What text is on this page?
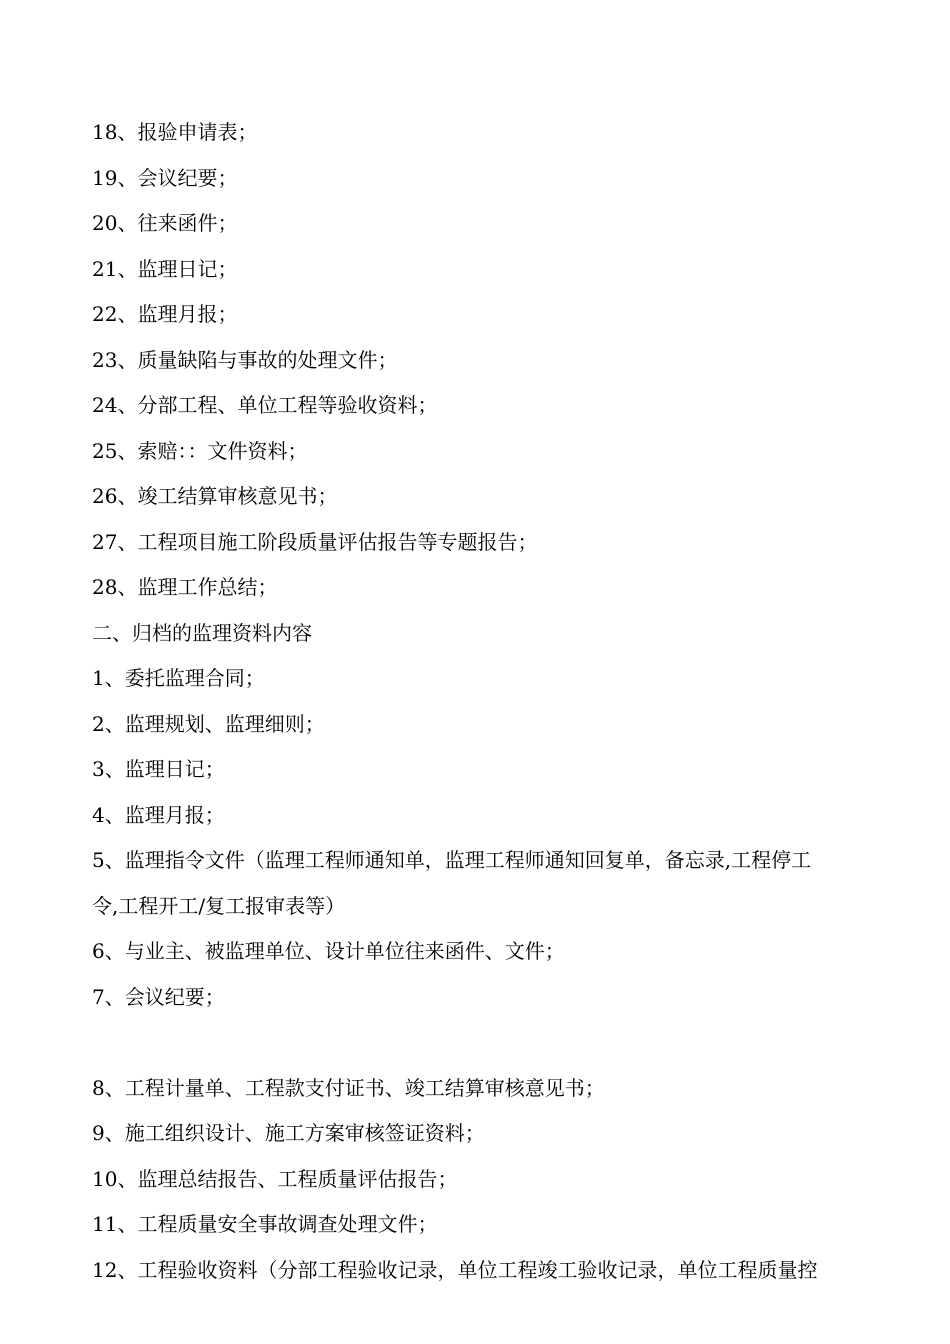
18、报验申请表；
19、会议纪要；
20、往来函件；
21、监理日记；
22、监理月报；
23、质量缺陷与事故的处理文件；
24、分部工程、单位工程等验收资料；
25、索赔：：文件资料；
26、竣工结算审核意见书；
27、工程项目施工阶段质量评估报告等专题报告；
28、监理工作总结；
二、归档的监理资料内容
1、委托监理合同；
2、监理规划、监理细则；
3、监理日记；
4、监理月报；
5、监理指令文件（监理工程师通知单，监理工程师通知回复单，备忘录,工程停工
令,工程开工/复工报审表等）
6、与业主、被监理单位、设计单位往来函件、文件；
7、会议纪要；
8、工程计量单、工程款支付证书、竣工结算审核意见书；
9、施工组织设计、施工方案审核签证资料；
10、监理总结报告、工程质量评估报告；
11、工程质量安全事故调查处理文件；
12、工程验收资料（分部工程验收记录，单位工程竣工验收记录，单位工程质量控
